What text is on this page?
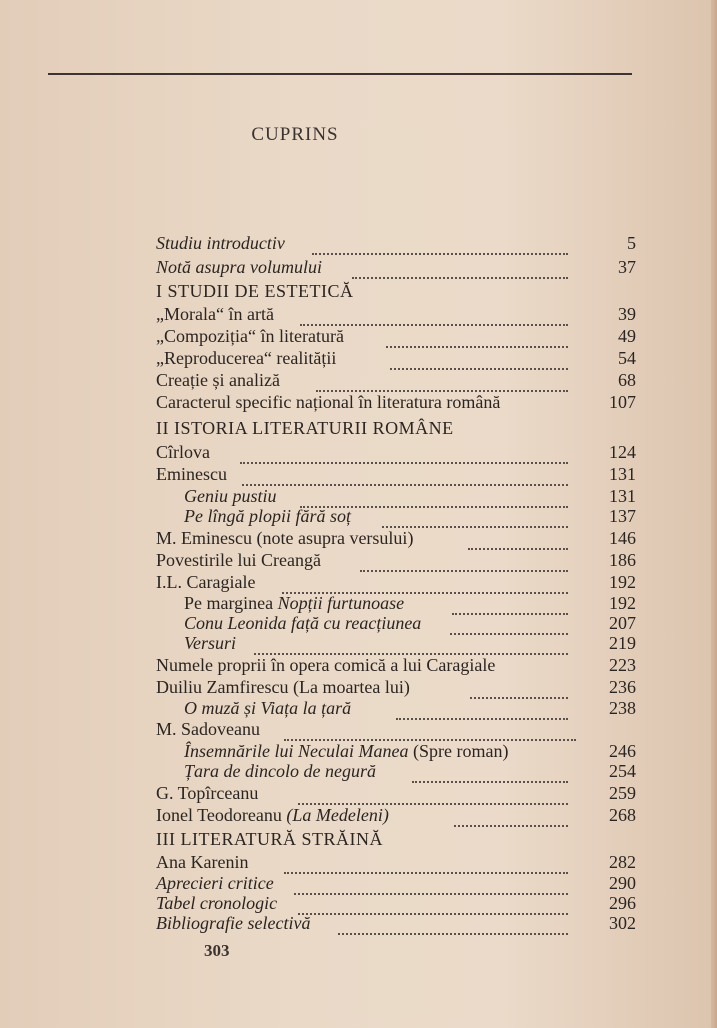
CUPRINS
Studiu introductiv	5
Notă asupra volumului	37
I STUDII DE ESTETICĂ
„Morala“ în artă	39
„Compoziția“ în literatură	49
„Reproducerea“ realității	54
Creație și analiză	68
Caracterul specific național în literatura română	107
II ISTORIA LITERATURII ROMÂNE
Cîrlova	124
Eminescu	131
Geniu pustiu	131
Pe lîngă plopii fără soț	137
M. Eminescu (note asupra versului)	146
Povestirile lui Creangă	186
I.L. Caragiale	192
Pe marginea Nopții furtunoase	192
Conu Leonida față cu reacțiunea	207
Versuri	219
Numele proprii în opera comică a lui Caragiale	223
Duiliu Zamfirescu (La moartea lui)	236
O muză și Viața la țară	238
M. Sadoveanu
Însemnările lui Neculai Manea (Spre roman)	246
Țara de dincolo de negură	254
G. Topîrceanu	259
Ionel Teodoreanu (La Medeleni)	268
III LITERATURĂ STRĂINĂ
Ana Karenin	282
Aprecieri critice	290
Tabel cronologic	296
Bibliografie selectivă	302
303
